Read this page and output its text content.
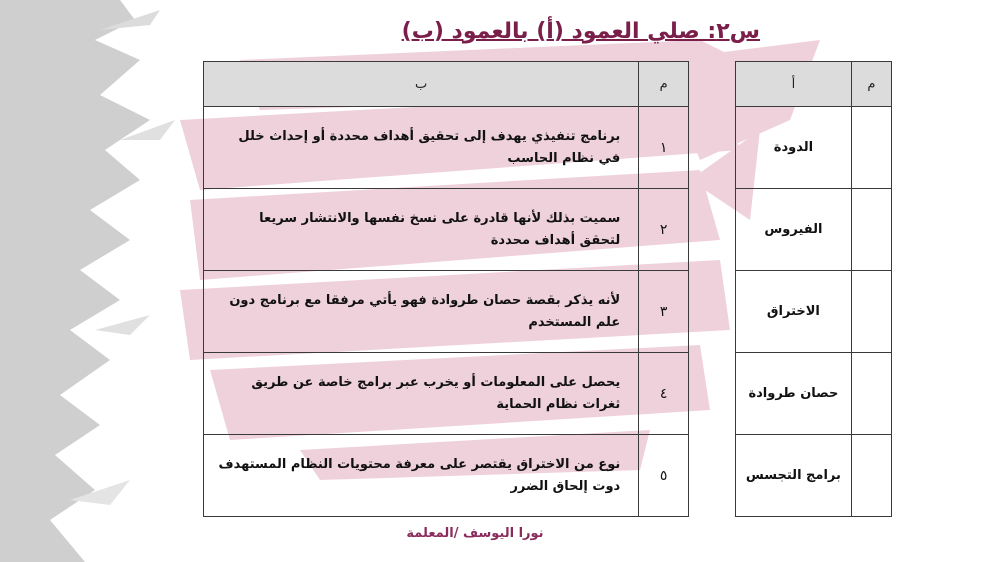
س٢: صلي العمود (أ) بالعمود (ب)
م	ب
١	برنامج تنفيذي يهدف إلى تحقيق أهداف محددة أو إحداث خلل في نظام الحاسب
٢	سميت بذلك لأنها قادرة على نسخ نفسها والانتشار سريعا لتحقق أهداف محددة
٣	لأنه يذكر بقصة حصان طروادة فهو يأتي مرفقا مع برنامج دون علم المستخدم
٤	يحصل على المعلومات أو يخرب عبر برامج خاصة عن طريق ثغرات نظام الحماية
٥	نوع من الاختراق يقتصر على معرفة محتويات النظام المستهدف دوت إلحاق الضرر
م	أ
	الدودة
	الفيروس
	الاختراق
	حصان طروادة
	برامج التجسس
نورا اليوسف /المعلمة
